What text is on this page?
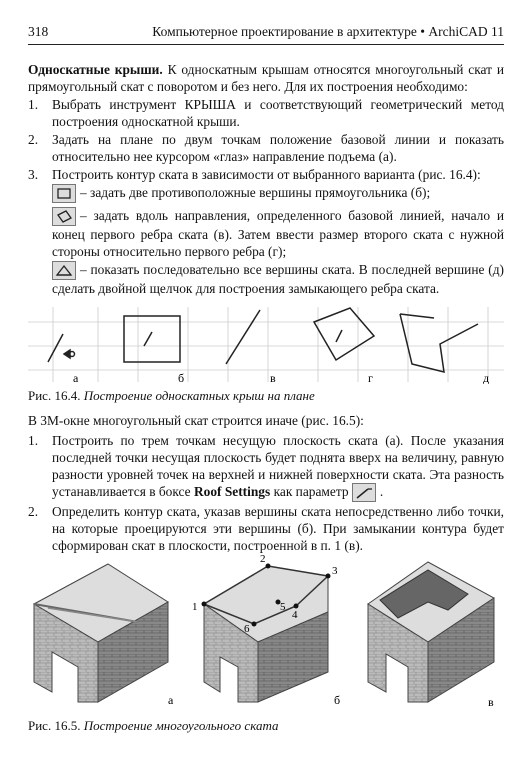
318	Компьютерное проектирование в архитектуре • ArchiCAD 11
Односкатные крыши. К односкатным крышам относятся многоугольный скат и прямоугольный скат с поворотом и без него. Для их построения необходимо:
1. Выбрать инструмент КРЫША и соответствующий геометрический метод построения односкатной крыши.
2. Задать на плане по двум точкам положение базовой линии и показать относительно нее курсором «глаз» направление подъема (а).
3. Построить контур ската в зависимости от выбранного варианта (рис. 16.4):
– задать две противоположные вершины прямоугольника (б);
– задать вдоль направления, определенного базовой линией, начало и конец первого ребра ската (в). Затем ввести размер второго ската с нужной стороны относительно первого ребра (г);
– показать последовательно все вершины ската. В последней вершине (д) сделать двойной щелчок для построения замыкающего ребра ската.
а	б	в	г	д
Рис. 16.4. Построение односкатных крыш на плане
В 3М-окне многоугольный скат строится иначе (рис. 16.5):
1. Построить по трем точкам несущую плоскость ската (а). После указания последней точки несущая плоскость будет поднята вверх на величину, равную разности уровней точек на верхней и нижней поверхности ската. Эта разность устанавливается в боксе Roof Settings как параметр .
2. Определить контур ската, указав вершины ската непосредственно либо точки, на которые проецируются эти вершины (б). При замыкании контура будет сформирован скат в плоскости, построенной в п. 1 (в).
1
2
3
4
5
6
а	б	в
Рис. 16.5. Построение многоугольного ската
